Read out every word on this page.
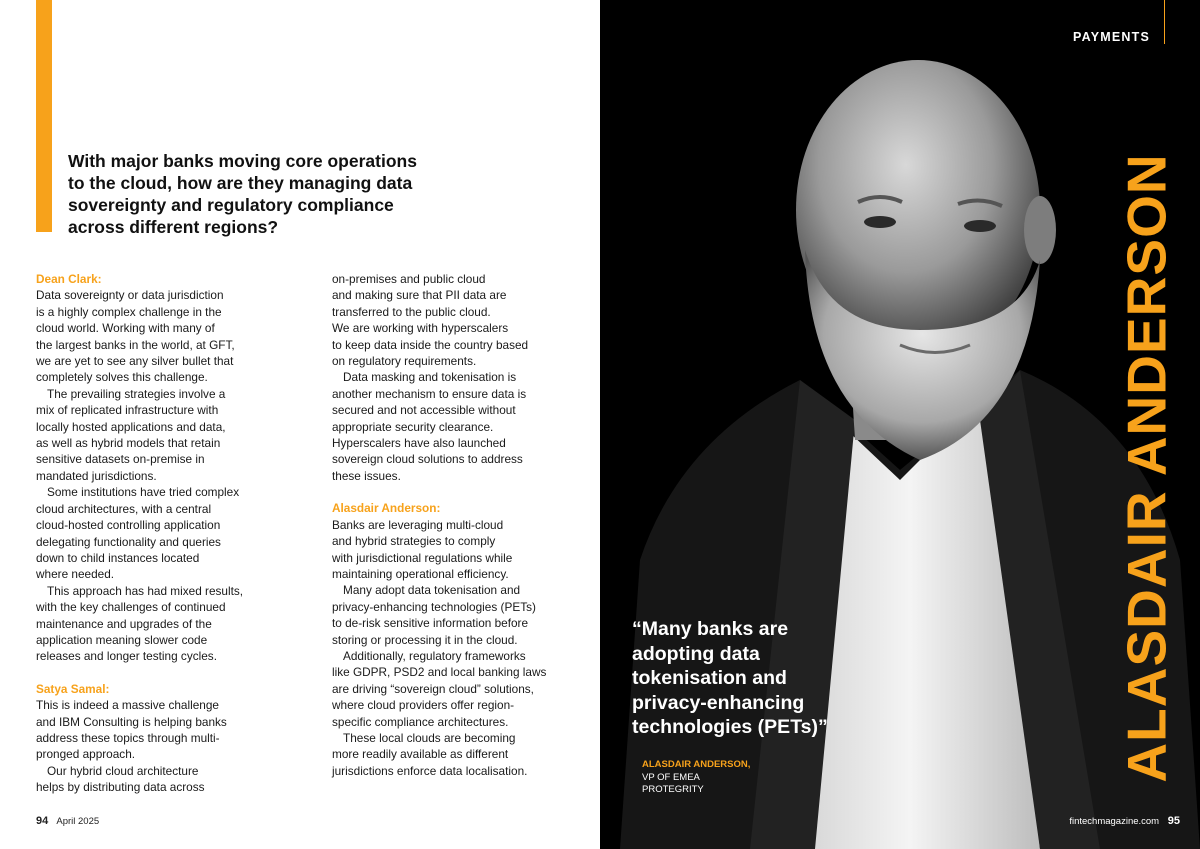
With major banks moving core operations
to the cloud, how are they managing data
sovereignty and regulatory compliance
across different regions?

Dean Clark:

Data sovereignty or data jurisdiction
is a highly complex challenge in the
cloud world. Working with many of
the largest banks in the world, at GFT,
we are yet to see any silver bullet that
completely solves this challenge.

The prevailing strategies involve a
mix of replicated infrastructure with
locally hosted applications and data,
as well as hybrid models that retain
sensitive datasets on-premise in
mandated jurisdictions.

Some institutions have tried complex
cloud architectures, with a central
cloud-hosted controlling application
delegating functionality and queries
down to child instances located
where needed.

This approach has had mixed results,
with the key challenges of continued
maintenance and upgrades of the
application meaning slower code
releases and longer testing cycles.

Satya Samal:

This is indeed a massive challenge
and IBM Consulting is helping banks
address these topics through multi-
pronged approach.

Our hybrid cloud architecture
helps by distributing data across

on-premises and public cloud
and making sure that PII data are
transferred to the public cloud.
We are working with hyperscalers
to keep data inside the country based
on regulatory requirements.

Data masking and tokenisation is
another mechanism to ensure data is
secured and not accessible without
appropriate security clearance.
Hyperscalers have also launched
sovereign cloud solutions to address
these issues.

Alasdair Anderson:

Banks are leveraging multi-cloud
and hybrid strategies to comply
with jurisdictional regulations while
maintaining operational efficiency.

Many adopt data tokenisation and
privacy-enhancing technologies (PETs)
to de-risk sensitive information before
storing or processing it in the cloud.

Additionally, regulatory frameworks
like GDPR, PSD2 and local banking laws
are driving “sovereign cloud” solutions,
where cloud providers offer region-
specific compliance architectures.

These local clouds are becoming
more readily available as different
jurisdictions enforce data localisation.

94 April 2025
PAYMENTS
ALASDAIR ANDERSON

“Many banks are
adopting data
tokenisation and
privacy-enhancing
technologies (PETs)”

ALASDAIR ANDERSON,
VP OF EMEA
PROTEGRITY
fintechmagazine.com 95
